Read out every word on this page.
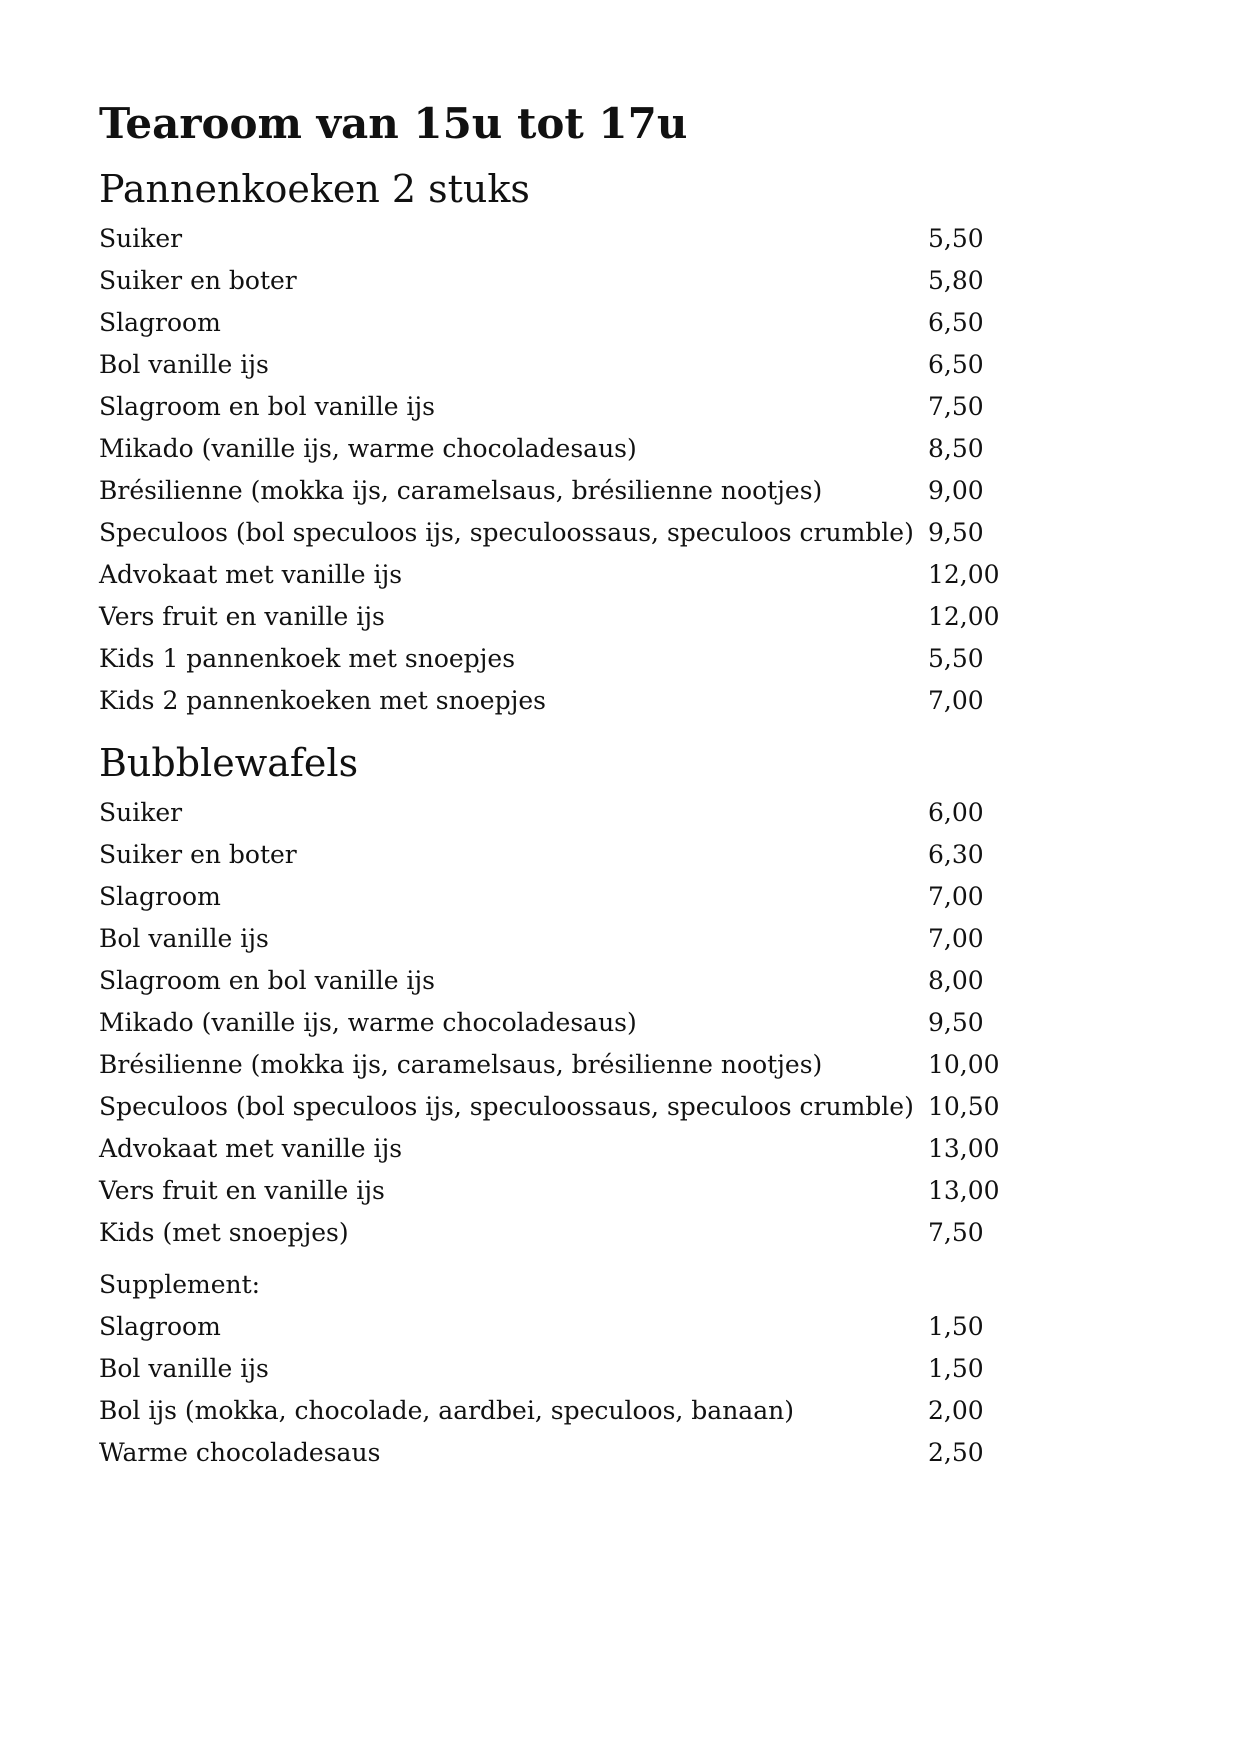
Tearoom van 15u tot 17u
Pannenkoeken 2 stuks
Suiker	5,50
Suiker en boter	5,80
Slagroom	6,50
Bol vanille ijs	6,50
Slagroom en bol vanille ijs	7,50
Mikado (vanille ijs, warme chocoladesaus)	8,50
Brésilienne (mokka ijs, caramelsaus, brésilienne nootjes)	9,00
Speculoos (bol speculoos ijs, speculoossaus, speculoos crumble) 9,50
Advokaat met vanille ijs	12,00
Vers fruit en vanille ijs	12,00
Kids 1 pannenkoek met snoepjes	5,50
Kids 2 pannenkoeken met snoepjes	7,00
Bubblewafels
Suiker	6,00
Suiker en boter	6,30
Slagroom	7,00
Bol vanille ijs	7,00
Slagroom en bol vanille ijs	8,00
Mikado (vanille ijs, warme chocoladesaus)	9,50
Brésilienne (mokka ijs, caramelsaus, brésilienne nootjes)	10,00
Speculoos (bol speculoos ijs, speculoossaus, speculoos crumble) 10,50
Advokaat met vanille ijs	13,00
Vers fruit en vanille ijs	13,00
Kids (met snoepjes)	7,50
Supplement:
Slagroom	1,50
Bol vanille ijs	1,50
Bol ijs (mokka, chocolade, aardbei, speculoos, banaan)	2,00
Warme chocoladesaus	2,50
